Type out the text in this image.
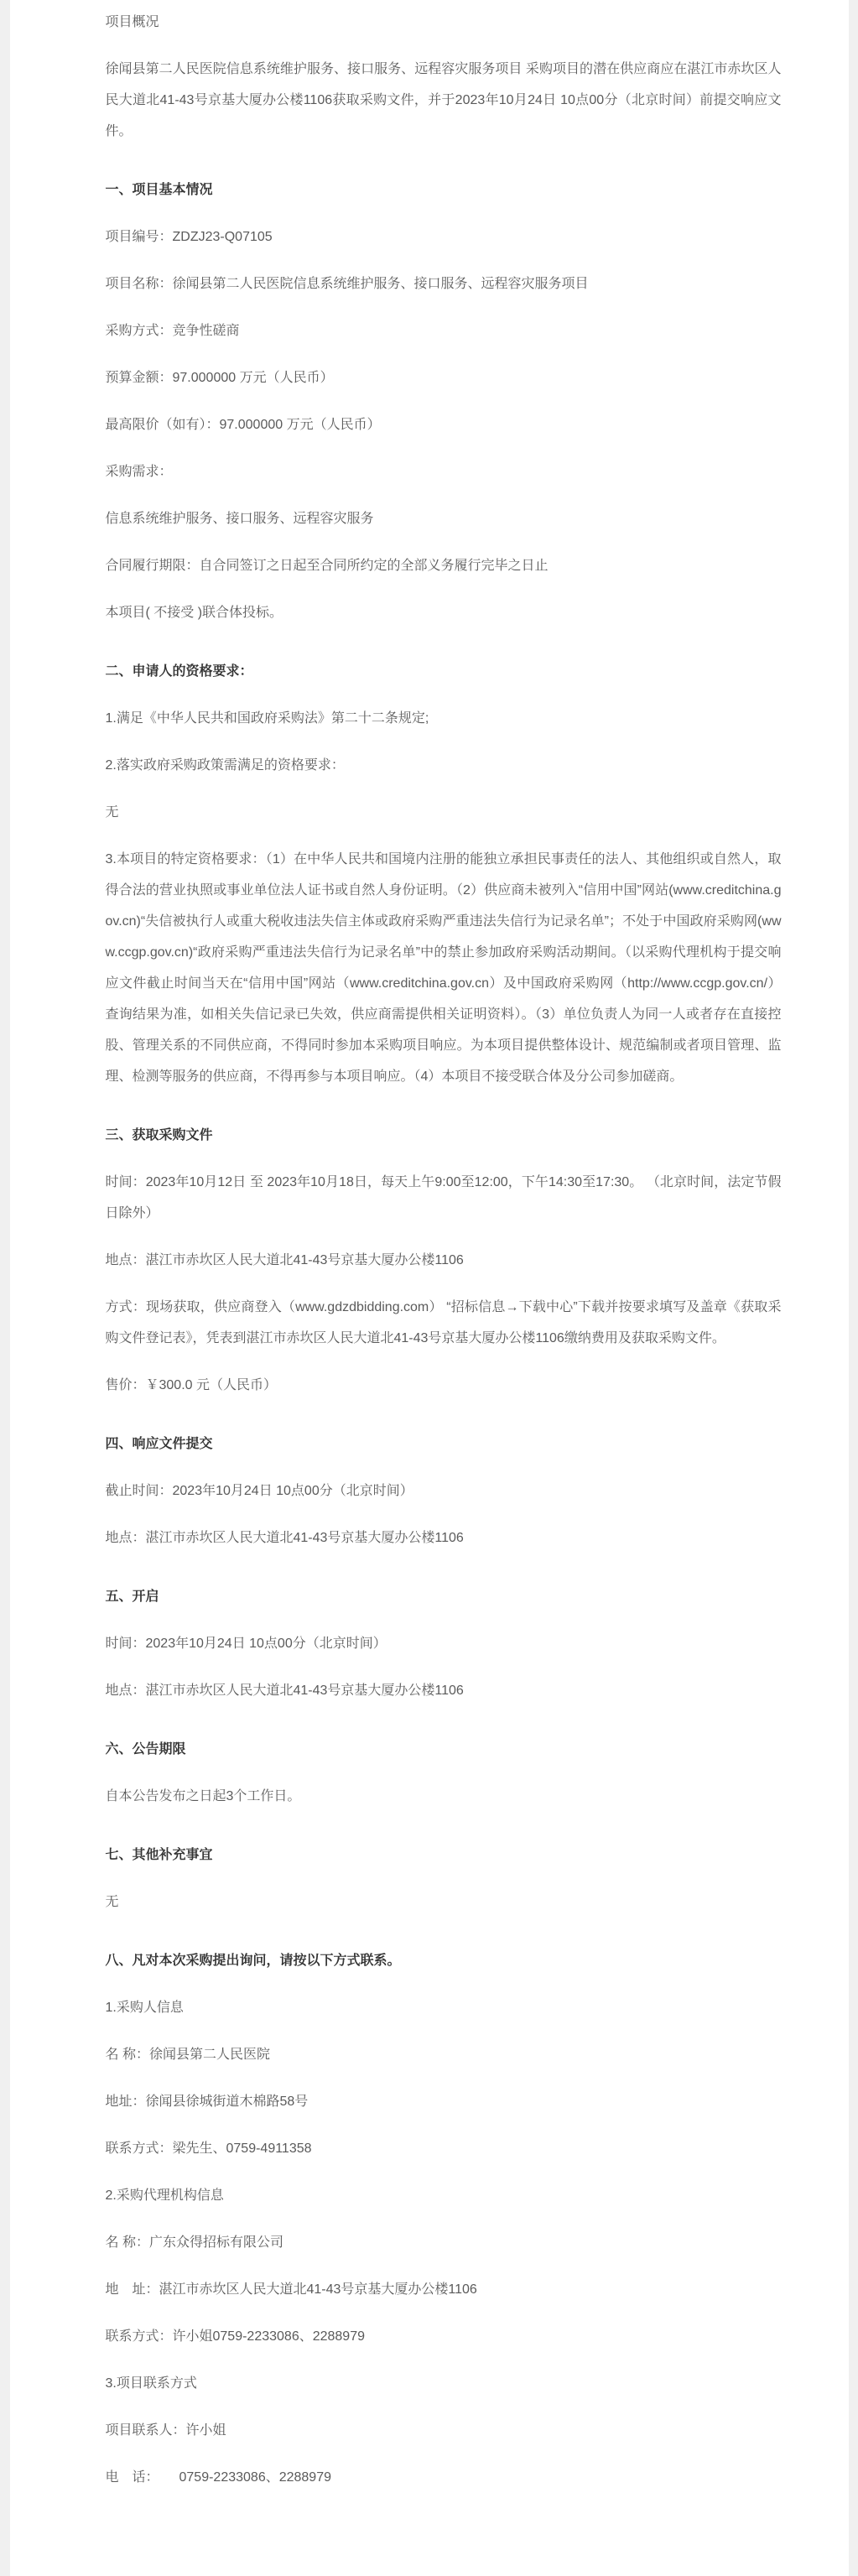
项目概况

徐闻县第二人民医院信息系统维护服务、接口服务、远程容灾服务项目 采购项目的潜在供应商应在湛江市赤坎区人民大道北41-43号京基大厦办公楼1106获取采购文件，并于2023年10月24日 10点00分（北京时间）前提交响应文件。

一、项目基本情况

项目编号：ZDZJ23-Q07105

项目名称：徐闻县第二人民医院信息系统维护服务、接口服务、远程容灾服务项目

采购方式：竞争性磋商

预算金额：97.000000 万元（人民币）

最高限价（如有）：97.000000 万元（人民币）

采购需求：

信息系统维护服务、接口服务、远程容灾服务

合同履行期限：自合同签订之日起至合同所约定的全部义务履行完毕之日止

本项目( 不接受 )联合体投标。

二、申请人的资格要求：

1.满足《中华人民共和国政府采购法》第二十二条规定;

2.落实政府采购政策需满足的资格要求：

无

3.本项目的特定资格要求：（1）在中华人民共和国境内注册的能独立承担民事责任的法人、其他组织或自然人，取得合法的营业执照或事业单位法人证书或自然人身份证明。（2）供应商未被列入“信用中国”网站(www.creditchina.gov.cn)“失信被执行人或重大税收违法失信主体或政府采购严重违法失信行为记录名单”；不处于中国政府采购网(www.ccgp.gov.cn)“政府采购严重违法失信行为记录名单”中的禁止参加政府采购活动期间。（以采购代理机构于提交响应文件截止时间当天在“信用中国”网站（www.creditchina.gov.cn）及中国政府采购网（http://www.ccgp.gov.cn/）查询结果为准，如相关失信记录已失效，供应商需提供相关证明资料）。（3）单位负责人为同一人或者存在直接控股、管理关系的不同供应商，不得同时参加本采购项目响应。为本项目提供整体设计、规范编制或者项目管理、监理、检测等服务的供应商，不得再参与本项目响应。（4）本项目不接受联合体及分公司参加磋商。

三、获取采购文件

时间：2023年10月12日 至 2023年10月18日，每天上午9:00至12:00，下午14:30至17:30。 （北京时间，法定节假日除外）

地点：湛江市赤坎区人民大道北41-43号京基大厦办公楼1106

方式：现场获取，供应商登入（www.gdzdbidding.com） “招标信息→下载中心”下载并按要求填写及盖章《获取采购文件登记表》，凭表到湛江市赤坎区人民大道北41-43号京基大厦办公楼1106缴纳费用及获取采购文件。

售价：￥300.0 元（人民币）

四、响应文件提交

截止时间：2023年10月24日 10点00分（北京时间）

地点：湛江市赤坎区人民大道北41-43号京基大厦办公楼1106

五、开启

时间：2023年10月24日 10点00分（北京时间）

地点：湛江市赤坎区人民大道北41-43号京基大厦办公楼1106

六、公告期限

自本公告发布之日起3个工作日。

七、其他补充事宜

无

八、凡对本次采购提出询问，请按以下方式联系。

1.采购人信息

名 称：徐闻县第二人民医院

地址：徐闻县徐城街道木棉路58号

联系方式：梁先生、0759-4911358

2.采购代理机构信息

名 称：广东众得招标有限公司

地　址：湛江市赤坎区人民大道北41-43号京基大厦办公楼1106

联系方式：许小姐0759-2233086、2288979

3.项目联系方式

项目联系人：许小姐

电　话：　　0759-2233086、2288979
